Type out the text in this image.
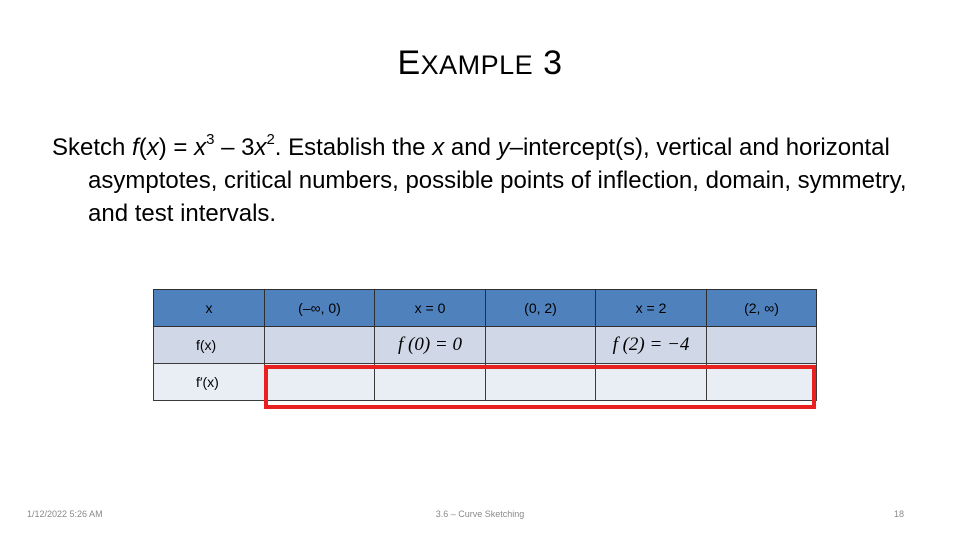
EXAMPLE 3
Sketch $f(x) = x^3 - 3x^2$. Establish the x and y–intercept(s), vertical and horizontal asymptotes, critical numbers, possible points of inflection, domain, symmetry, and test intervals.
x	(–∞, 0)	x = 0	(0, 2)	x = 2	(2, ∞)
f(x)		f (0) = 0		f (2) = −4	
f′(x)					
1/12/2022 5:26 AM	3.6 – Curve Sketching	18
